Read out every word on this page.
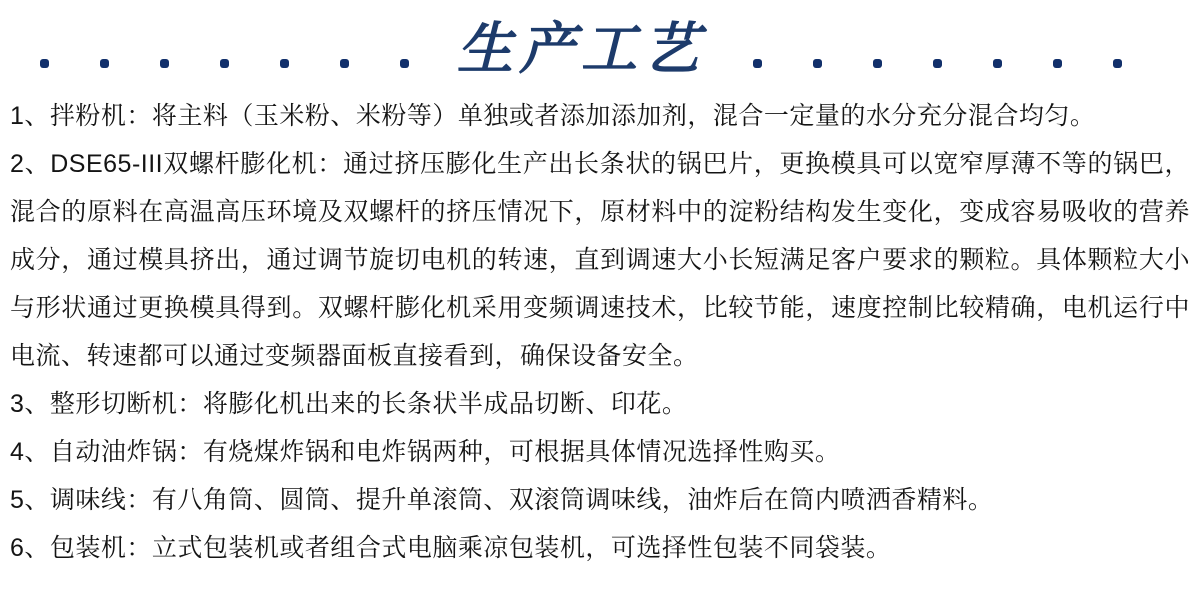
生产工艺

1、拌粉机：将主料（玉米粉、米粉等）单独或者添加添加剂，混合一定量的水分充分混合均匀。

2、DSE65-III双螺杆膨化机：通过挤压膨化生产出长条状的锅巴片，更换模具可以宽窄厚薄不等的锅巴，混合的原料在高温高压环境及双螺杆的挤压情况下，原材料中的淀粉结构发生变化，变成容易吸收的营养成分，通过模具挤出，通过调节旋切电机的转速，直到调速大小长短满足客户要求的颗粒。具体颗粒大小与形状通过更换模具得到。双螺杆膨化机采用变频调速技术，比较节能，速度控制比较精确，电机运行中电流、转速都可以通过变频器面板直接看到，确保设备安全。

3、整形切断机：将膨化机出来的长条状半成品切断、印花。

4、自动油炸锅：有烧煤炸锅和电炸锅两种，可根据具体情况选择性购买。

5、调味线：有八角筒、圆筒、提升单滚筒、双滚筒调味线，油炸后在筒内喷洒香精料。

6、包装机：立式包装机或者组合式电脑乘凉包装机，可选择性包装不同袋装。
